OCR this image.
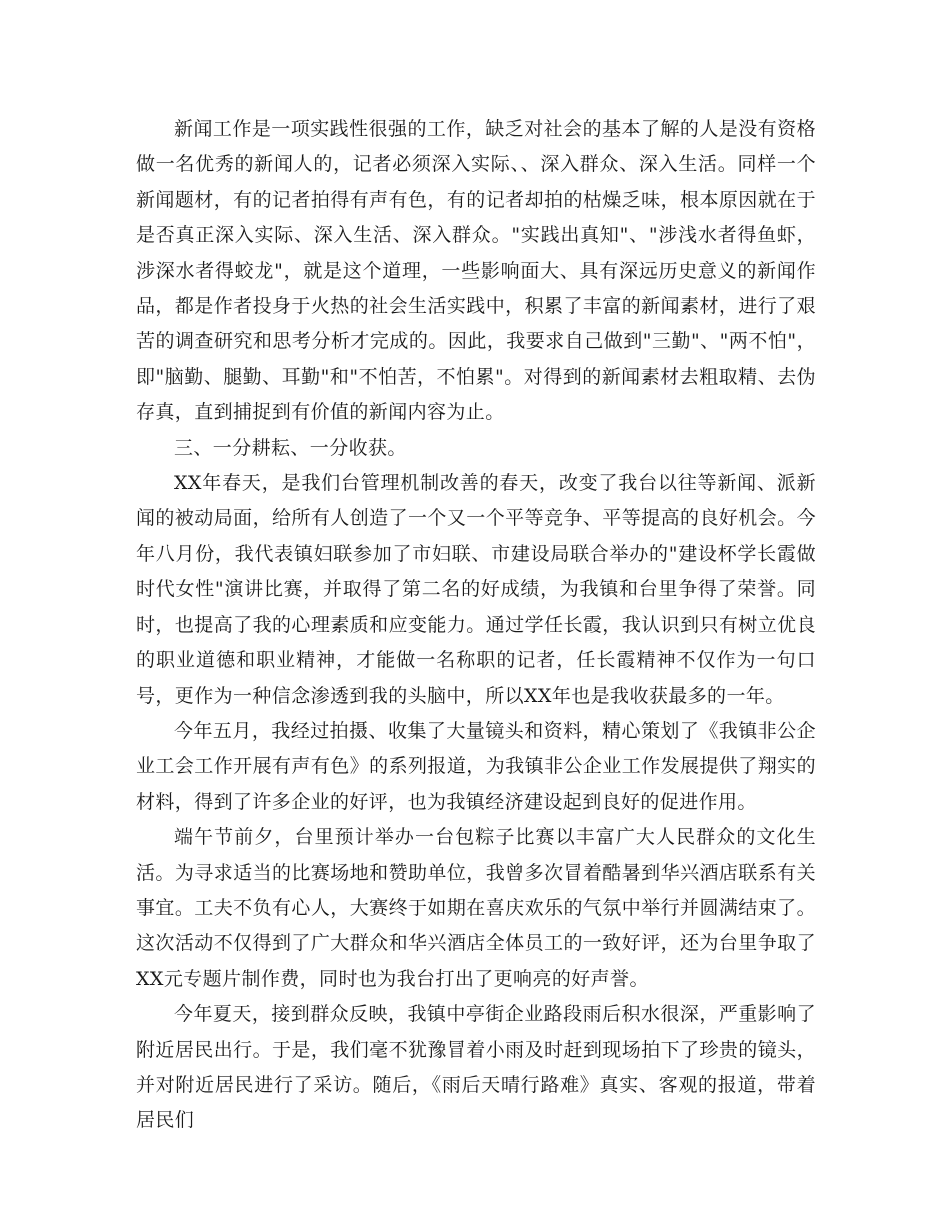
新闻工作是一项实践性很强的工作，缺乏对社会的基本了解的人是没有资格做一名优秀的新闻人的，记者必须深入实际、、深入群众、深入生活。同样一个新闻题材，有的记者拍得有声有色，有的记者却拍的枯燥乏味，根本原因就在于是否真正深入实际、深入生活、深入群众。"实践出真知"、"涉浅水者得鱼虾，涉深水者得蛟龙"，就是这个道理，一些影响面大、具有深远历史意义的新闻作品，都是作者投身于火热的社会生活实践中，积累了丰富的新闻素材，进行了艰苦的调查研究和思考分析才完成的。因此，我要求自己做到"三勤"、"两不怕"，即"脑勤、腿勤、耳勤"和"不怕苦，不怕累"。对得到的新闻素材去粗取精、去伪存真，直到捕捉到有价值的新闻内容为止。

三、一分耕耘、一分收获。

XX年春天，是我们台管理机制改善的春天，改变了我台以往等新闻、派新闻的被动局面，给所有人创造了一个又一个平等竞争、平等提高的良好机会。今年八月份，我代表镇妇联参加了市妇联、市建设局联合举办的"建设杯学长霞做时代女性"演讲比赛，并取得了第二名的好成绩，为我镇和台里争得了荣誉。同时，也提高了我的心理素质和应变能力。通过学任长霞，我认识到只有树立优良的职业道德和职业精神，才能做一名称职的记者，任长霞精神不仅作为一句口号，更作为一种信念渗透到我的头脑中，所以XX年也是我收获最多的一年。

今年五月，我经过拍摄、收集了大量镜头和资料，精心策划了《我镇非公企业工会工作开展有声有色》的系列报道，为我镇非公企业工作发展提供了翔实的材料，得到了许多企业的好评，也为我镇经济建设起到良好的促进作用。

端午节前夕，台里预计举办一台包粽子比赛以丰富广大人民群众的文化生活。为寻求适当的比赛场地和赞助单位，我曾多次冒着酷暑到华兴酒店联系有关事宜。工夫不负有心人，大赛终于如期在喜庆欢乐的气氛中举行并圆满结束了。这次活动不仅得到了广大群众和华兴酒店全体员工的一致好评，还为台里争取了XX元专题片制作费，同时也为我台打出了更响亮的好声誉。

今年夏天，接到群众反映，我镇中亭街企业路段雨后积水很深，严重影响了附近居民出行。于是，我们毫不犹豫冒着小雨及时赶到现场拍下了珍贵的镜头，并对附近居民进行了采访。随后，《雨后天晴行路难》真实、客观的报道，带着居民们
